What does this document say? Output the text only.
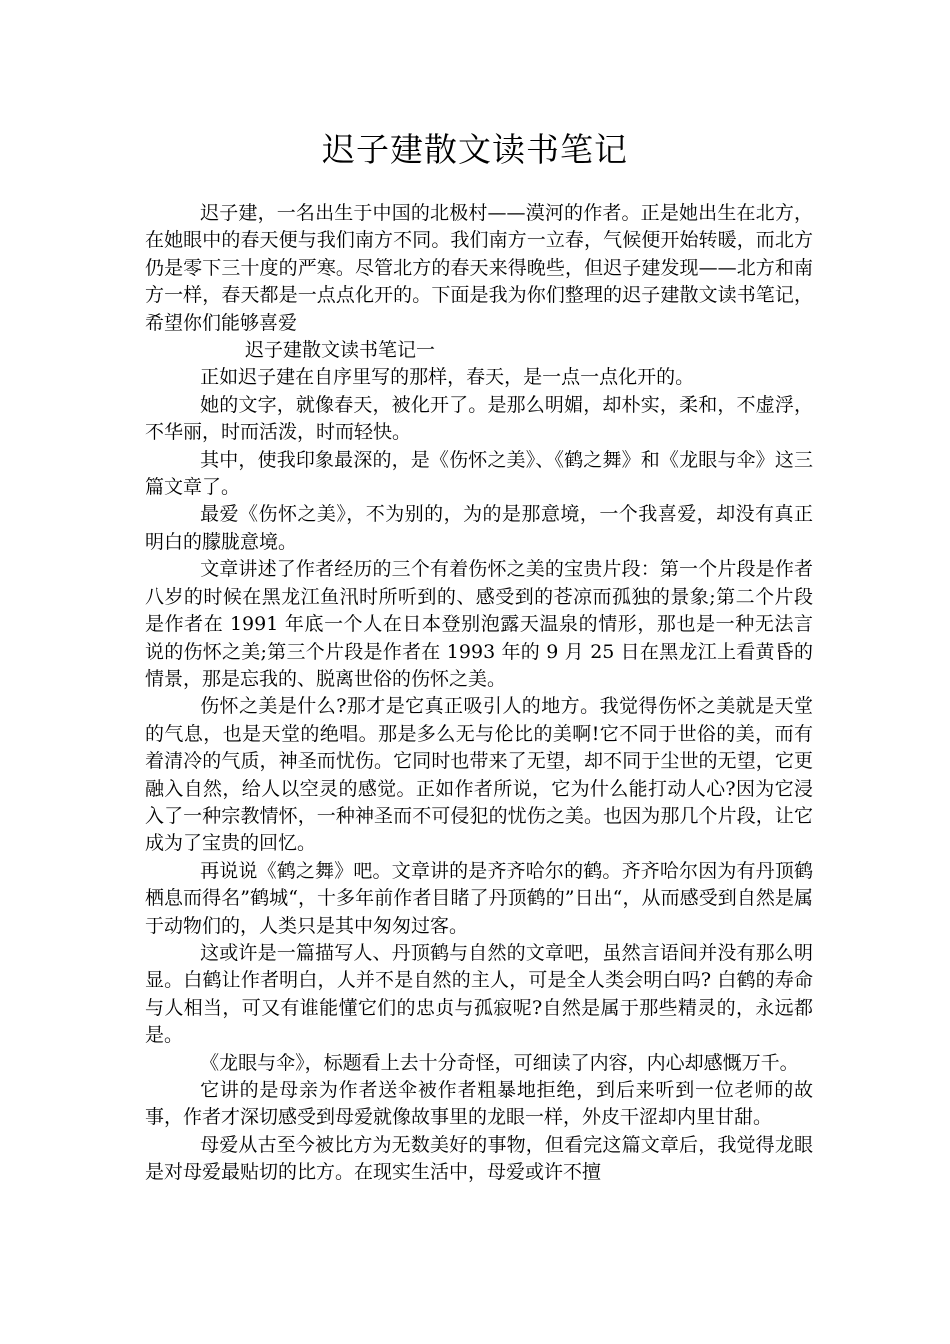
迟子建散文读书笔记

迟子建，一名出生于中国的北极村——漠河的作者。正是她出生在北方，在她眼中的春天便与我们南方不同。我们南方一立春，气候便开始转暖，而北方仍是零下三十度的严寒。尽管北方的春天来得晚些，但迟子建发现——北方和南方一样，春天都是一点点化开的。下面是我为你们整理的迟子建散文读书笔记，希望你们能够喜爱

迟子建散文读书笔记一

正如迟子建在自序里写的那样，春天，是一点一点化开的。

她的文字，就像春天，被化开了。是那么明媚，却朴实，柔和，不虚浮，不华丽，时而活泼，时而轻快。

其中，使我印象最深的，是《伤怀之美》、《鹤之舞》和《龙眼与伞》这三篇文章了。

最爱《伤怀之美》，不为别的，为的是那意境，一个我喜爱，却没有真正明白的朦胧意境。

文章讲述了作者经历的三个有着伤怀之美的宝贵片段：第一个片段是作者八岁的时候在黑龙江鱼汛时所听到的、感受到的苍凉而孤独的景象;第二个片段是作者在 1991 年底一个人在日本登别泡露天温泉的情形，那也是一种无法言说的伤怀之美;第三个片段是作者在 1993 年的 9 月 25 日在黑龙江上看黄昏的情景，那是忘我的、脱离世俗的伤怀之美。

伤怀之美是什么?那才是它真正吸引人的地方。我觉得伤怀之美就是天堂的气息，也是天堂的绝唱。那是多么无与伦比的美啊!它不同于世俗的美，而有着清冷的气质，神圣而忧伤。它同时也带来了无望，却不同于尘世的无望，它更融入自然，给人以空灵的感觉。正如作者所说，它为什么能打动人心?因为它浸入了一种宗教情怀，一种神圣而不可侵犯的忧伤之美。也因为那几个片段，让它成为了宝贵的回忆。

再说说《鹤之舞》吧。文章讲的是齐齐哈尔的鹤。齐齐哈尔因为有丹顶鹤栖息而得名”鹤城“，十多年前作者目睹了丹顶鹤的”日出“，从而感受到自然是属于动物们的，人类只是其中匆匆过客。

这或许是一篇描写人、丹顶鹤与自然的文章吧，虽然言语间并没有那么明显。白鹤让作者明白，人并不是自然的主人，可是全人类会明白吗? 白鹤的寿命与人相当，可又有谁能懂它们的忠贞与孤寂呢?自然是属于那些精灵的，永远都是。

《龙眼与伞》，标题看上去十分奇怪，可细读了内容，内心却感慨万千。

它讲的是母亲为作者送伞被作者粗暴地拒绝，到后来听到一位老师的故事，作者才深切感受到母爱就像故事里的龙眼一样，外皮干涩却内里甘甜。

母爱从古至今被比方为无数美好的事物，但看完这篇文章后，我觉得龙眼是对母爱最贴切的比方。在现实生活中，母爱或许不擅
